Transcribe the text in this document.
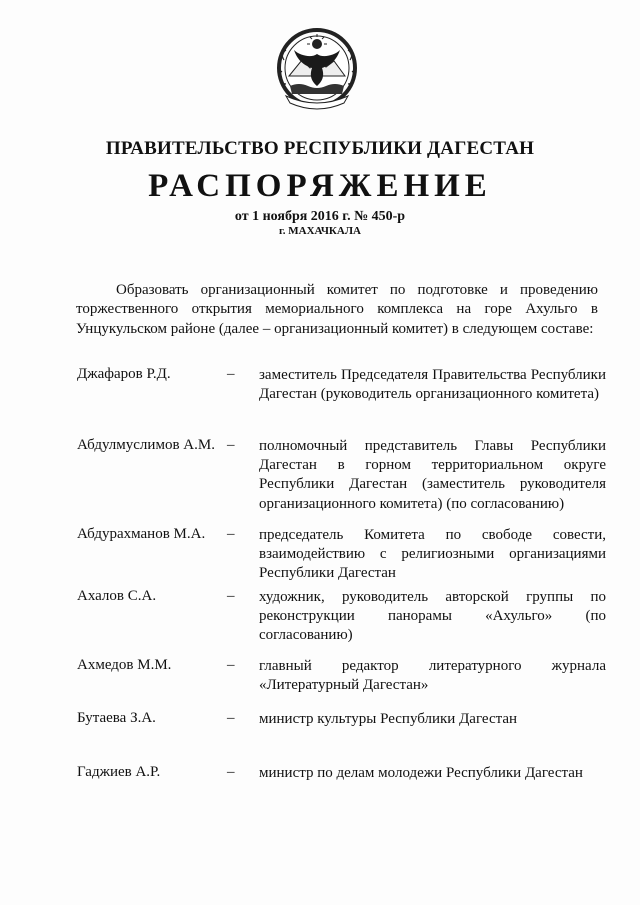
ПРАВИТЕЛЬСТВО РЕСПУБЛИКИ ДАГЕСТАН
РАСПОРЯЖЕНИЕ
от 1 ноября 2016 г. № 450-р
г. МАХАЧКАЛА

Образовать организационный комитет по подготовке и проведению торжественного открытия мемориального комплекса на горе Ахульго в Унцукульском районе (далее – организационный комитет) в следующем составе:

Джафаров Р.Д.	– заместитель Председателя Правительства Республики Дагестан (руководитель организационного комитета)
Абдулмуслимов А.М. – полномочный представитель Главы Республики Дагестан в горном территориальном округе Республики Дагестан (заместитель руководителя организационного комитета) (по согласованию)
Абдурахманов М.А. – председатель Комитета по свободе совести, взаимодействию с религиозными организациями Республики Дагестан
Ахалов С.А.	– художник, руководитель авторской группы по реконструкции панорамы «Ахульго» (по согласованию)
Ахмедов М.М.	– главный редактор литературного журнала «Литературный Дагестан»
Бутаева З.А.	– министр культуры Республики Дагестан
Гаджиев А.Р.	– министр по делам молодежи Республики Дагестан
